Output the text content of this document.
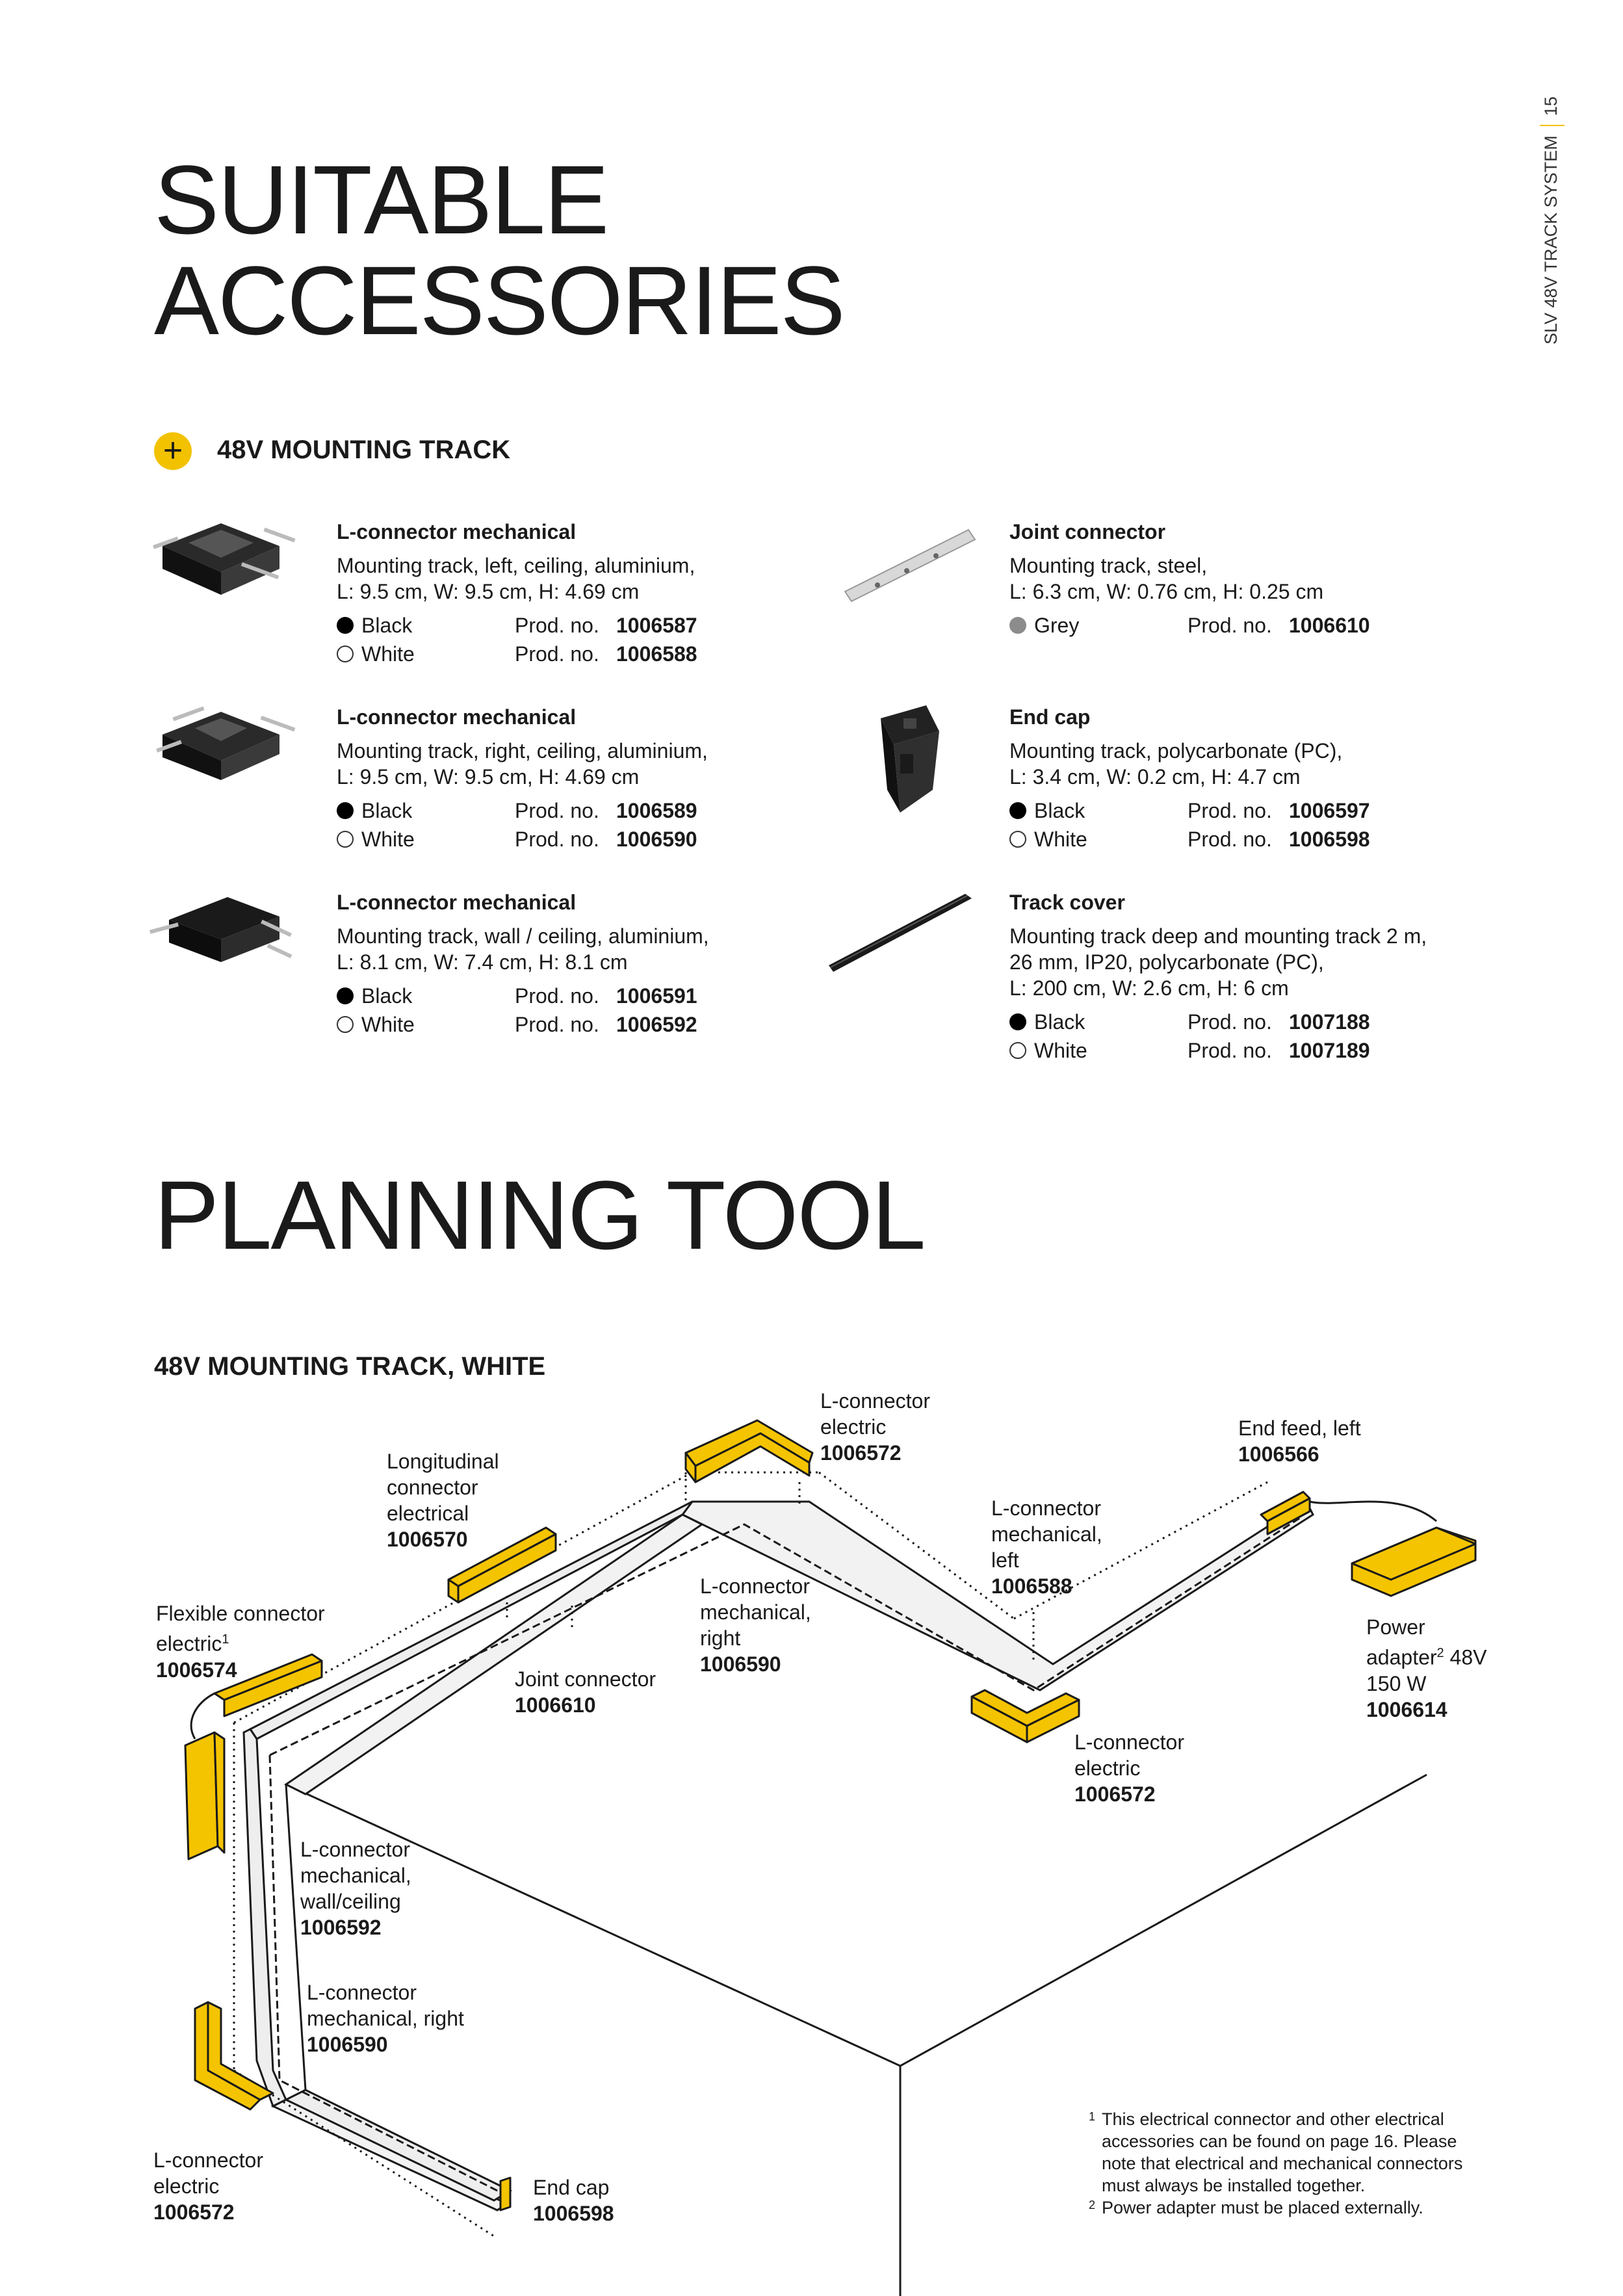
SLV 48V TRACK SYSTEM15
SUITABLE
ACCESSORIES
+	48V MOUNTING TRACK
L-connector mechanical
Mounting track, left, ceiling, aluminium,
L: 9.5 cm, W: 9.5 cm, H: 4.69 cm
Black	Prod. no. 1006587
White	Prod. no. 1006588
L-connector mechanical
Mounting track, right, ceiling, aluminium,
L: 9.5 cm, W: 9.5 cm, H: 4.69 cm
Black	Prod. no. 1006589
White	Prod. no. 1006590
L-connector mechanical
Mounting track, wall / ceiling, aluminium,
L: 8.1 cm, W: 7.4 cm, H: 8.1 cm
Black	Prod. no. 1006591
White	Prod. no. 1006592
Joint connector
Mounting track, steel,
L: 6.3 cm, W: 0.76 cm, H: 0.25 cm
Grey	Prod. no. 1006610
End cap
Mounting track, polycarbonate (PC),
L: 3.4 cm, W: 0.2 cm, H: 4.7 cm
Black	Prod. no. 1006597
White	Prod. no. 1006598
Track cover
Mounting track deep and mounting track 2 m,
26 mm, IP20, polycarbonate (PC),
L: 200 cm, W: 2.6 cm, H: 6 cm
Black	Prod. no. 1007188
White	Prod. no. 1007189
PLANNING TOOL
48V MOUNTING TRACK, WHITE
L-connector
electric
1006572
End feed, left
1006566
Longitudinal
connector
electrical
1006570
L-connector
mechanical,
left
1006588
Flexible connector
electric$^1$
1006574
L-connector
mechanical,
right
1006590
Power
adapter$^2$ 48V
150 W
1006614
Joint connector
1006610
L-connector
electric
1006572
L-connector
mechanical,
wall/ceiling
1006592
L-connector
mechanical, right
1006590
L-connector
electric
1006572
End cap
1006598
1 This electrical connector and other electrical
accessories can be found on page 16. Please
note that electrical and mechanical connectors
must always be installed together.
2 Power adapter must be placed externally.
